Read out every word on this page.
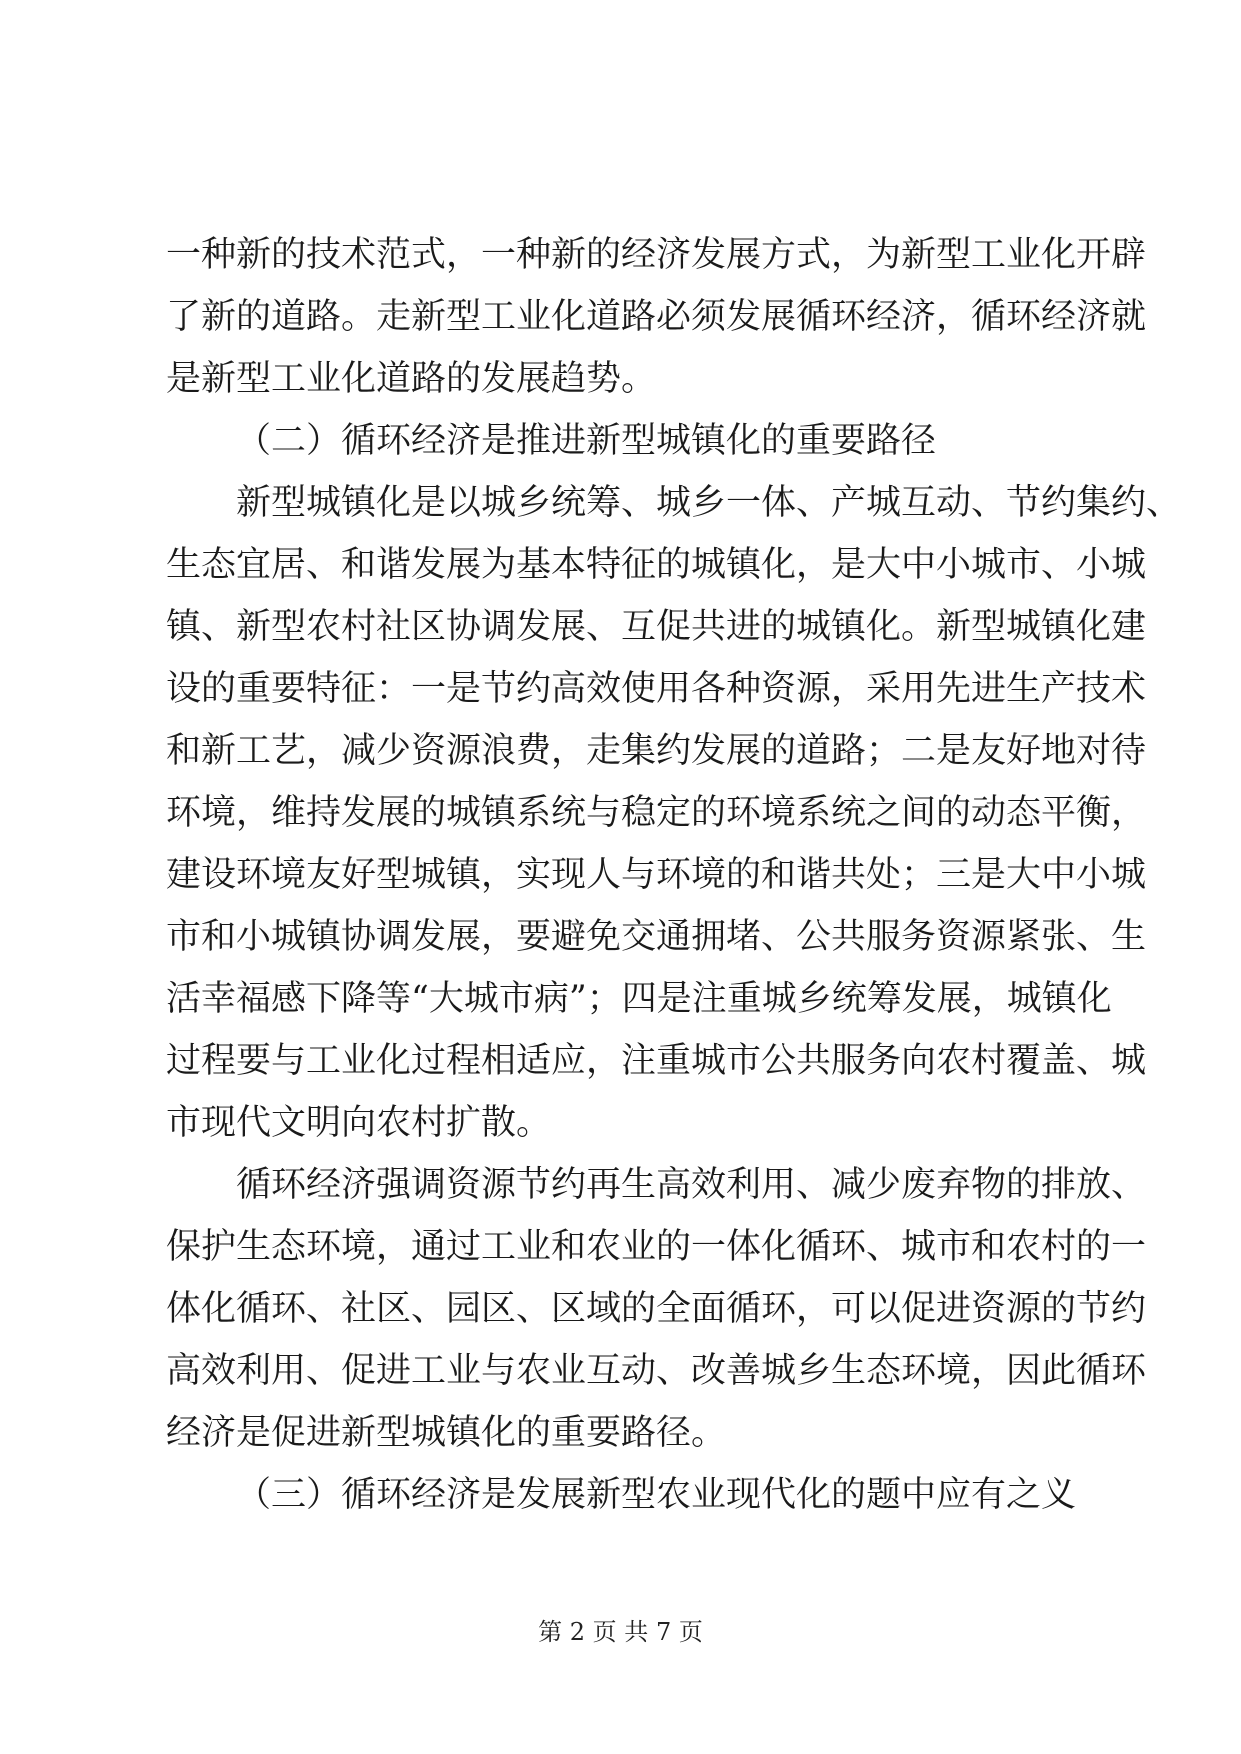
一种新的技术范式，一种新的经济发展方式，为新型工业化开辟
了新的道路。走新型工业化道路必须发展循环经济，循环经济就
是新型工业化道路的发展趋势。
（二）循环经济是推进新型城镇化的重要路径
新型城镇化是以城乡统筹、城乡一体、产城互动、节约集约、
生态宜居、和谐发展为基本特征的城镇化，是大中小城市、小城
镇、新型农村社区协调发展、互促共进的城镇化。新型城镇化建
设的重要特征：一是节约高效使用各种资源，采用先进生产技术
和新工艺，减少资源浪费，走集约发展的道路；二是友好地对待
环境，维持发展的城镇系统与稳定的环境系统之间的动态平衡，
建设环境友好型城镇，实现人与环境的和谐共处；三是大中小城
市和小城镇协调发展，要避免交通拥堵、公共服务资源紧张、生
活幸福感下降等“大城市病”；四是注重城乡统筹发展，城镇化
过程要与工业化过程相适应，注重城市公共服务向农村覆盖、城
市现代文明向农村扩散。
循环经济强调资源节约再生高效利用、减少废弃物的排放、
保护生态环境，通过工业和农业的一体化循环、城市和农村的一
体化循环、社区、园区、区域的全面循环，可以促进资源的节约
高效利用、促进工业与农业互动、改善城乡生态环境，因此循环
经济是促进新型城镇化的重要路径。
（三）循环经济是发展新型农业现代化的题中应有之义
第 2 页 共 7 页
